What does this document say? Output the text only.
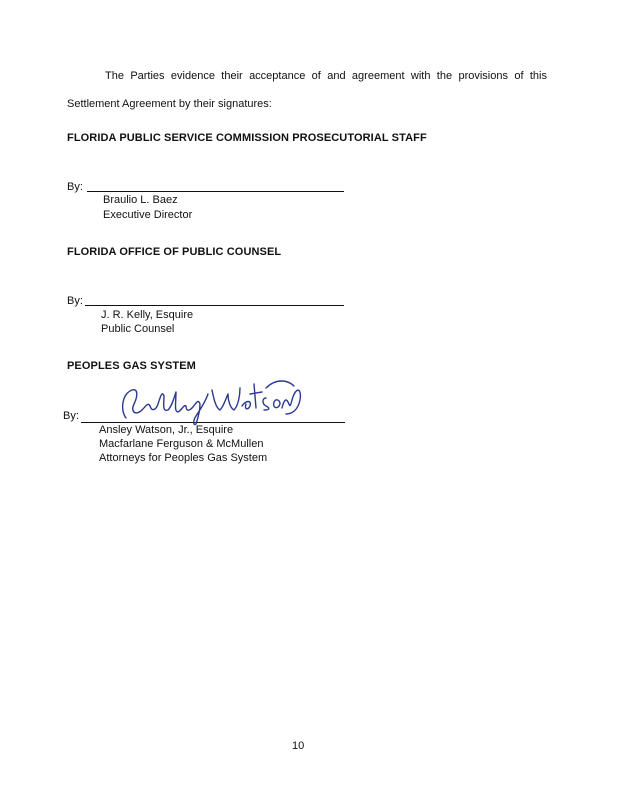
The Parties evidence their acceptance of and agreement with the provisions of this
Settlement Agreement by their signatures:
FLORIDA PUBLIC SERVICE COMMISSION PROSECUTORIAL STAFF
By:
Braulio L. Baez
Executive Director
FLORIDA OFFICE OF PUBLIC COUNSEL
By:
J. R. Kelly, Esquire
Public Counsel
PEOPLES GAS SYSTEM
By:
Ansley Watson, Jr., Esquire
Macfarlane Ferguson & McMullen
Attorneys for Peoples Gas System
10
